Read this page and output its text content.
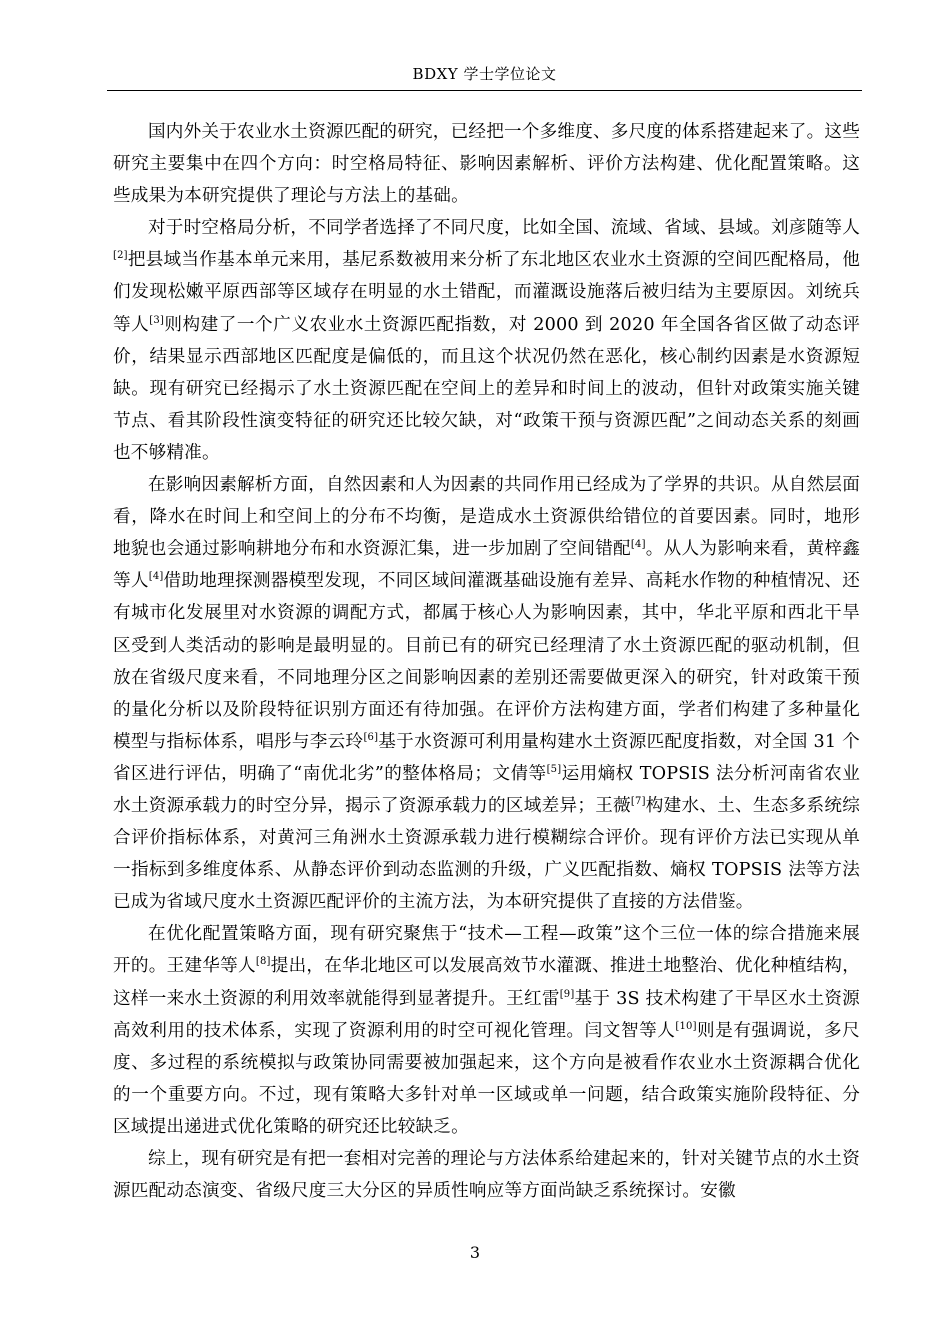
BDXY 学士学位论文

国内外关于农业水土资源匹配的研究，已经把一个多维度、多尺度的体系搭建起来了。这些研究主要集中在四个方向：时空格局特征、影响因素解析、评价方法构建、优化配置策略。这些成果为本研究提供了理论与方法上的基础。

对于时空格局分析，不同学者选择了不同尺度，比如全国、流域、省域、县域。刘彦随等人[2]把县域当作基本单元来用，基尼系数被用来分析了东北地区农业水土资源的空间匹配格局，他们发现松嫩平原西部等区域存在明显的水土错配，而灌溉设施落后被归结为主要原因。刘统兵等人[3]则构建了一个广义农业水土资源匹配指数，对 2000 到 2020 年全国各省区做了动态评价，结果显示西部地区匹配度是偏低的，而且这个状况仍然在恶化，核心制约因素是水资源短缺。现有研究已经揭示了水土资源匹配在空间上的差异和时间上的波动，但针对政策实施关键节点、看其阶段性演变特征的研究还比较欠缺，对“政策干预与资源匹配”之间动态关系的刻画也不够精准。

在影响因素解析方面，自然因素和人为因素的共同作用已经成为了学界的共识。从自然层面看，降水在时间上和空间上的分布不均衡，是造成水土资源供给错位的首要因素。同时，地形地貌也会通过影响耕地分布和水资源汇集，进一步加剧了空间错配[4]。从人为影响来看，黄梓鑫等人[4]借助地理探测器模型发现，不同区域间灌溉基础设施有差异、高耗水作物的种植情况、还有城市化发展里对水资源的调配方式，都属于核心人为影响因素，其中，华北平原和西北干旱区受到人类活动的影响是最明显的。目前已有的研究已经理清了水土资源匹配的驱动机制，但放在省级尺度来看，不同地理分区之间影响因素的差别还需要做更深入的研究，针对政策干预的量化分析以及阶段特征识别方面还有待加强。在评价方法构建方面，学者们构建了多种量化模型与指标体系，唱彤与李云玲[6]基于水资源可利用量构建水土资源匹配度指数，对全国 31 个省区进行评估，明确了“南优北劣”的整体格局；文倩等[5]运用熵权 TOPSIS 法分析河南省农业水土资源承载力的时空分异，揭示了资源承载力的区域差异；王薇[7]构建水、土、生态多系统综合评价指标体系，对黄河三角洲水土资源承载力进行模糊综合评价。现有评价方法已实现从单一指标到多维度体系、从静态评价到动态监测的升级，广义匹配指数、熵权 TOPSIS 法等方法已成为省域尺度水土资源匹配评价的主流方法，为本研究提供了直接的方法借鉴。

在优化配置策略方面，现有研究聚焦于“技术—工程—政策”这个三位一体的综合措施来展开的。王建华等人[8]提出，在华北地区可以发展高效节水灌溉、推进土地整治、优化种植结构，这样一来水土资源的利用效率就能得到显著提升。王红雷[9]基于 3S 技术构建了干旱区水土资源高效利用的技术体系，实现了资源利用的时空可视化管理。闫文智等人[10]则是有强调说，多尺度、多过程的系统模拟与政策协同需要被加强起来，这个方向是被看作农业水土资源耦合优化的一个重要方向。不过，现有策略大多针对单一区域或单一问题，结合政策实施阶段特征、分区域提出递进式优化策略的研究还比较缺乏。

综上，现有研究是有把一套相对完善的理论与方法体系给建起来的，针对关键节点的水土资源匹配动态演变、省级尺度三大分区的异质性响应等方面尚缺乏系统探讨。安徽

3
